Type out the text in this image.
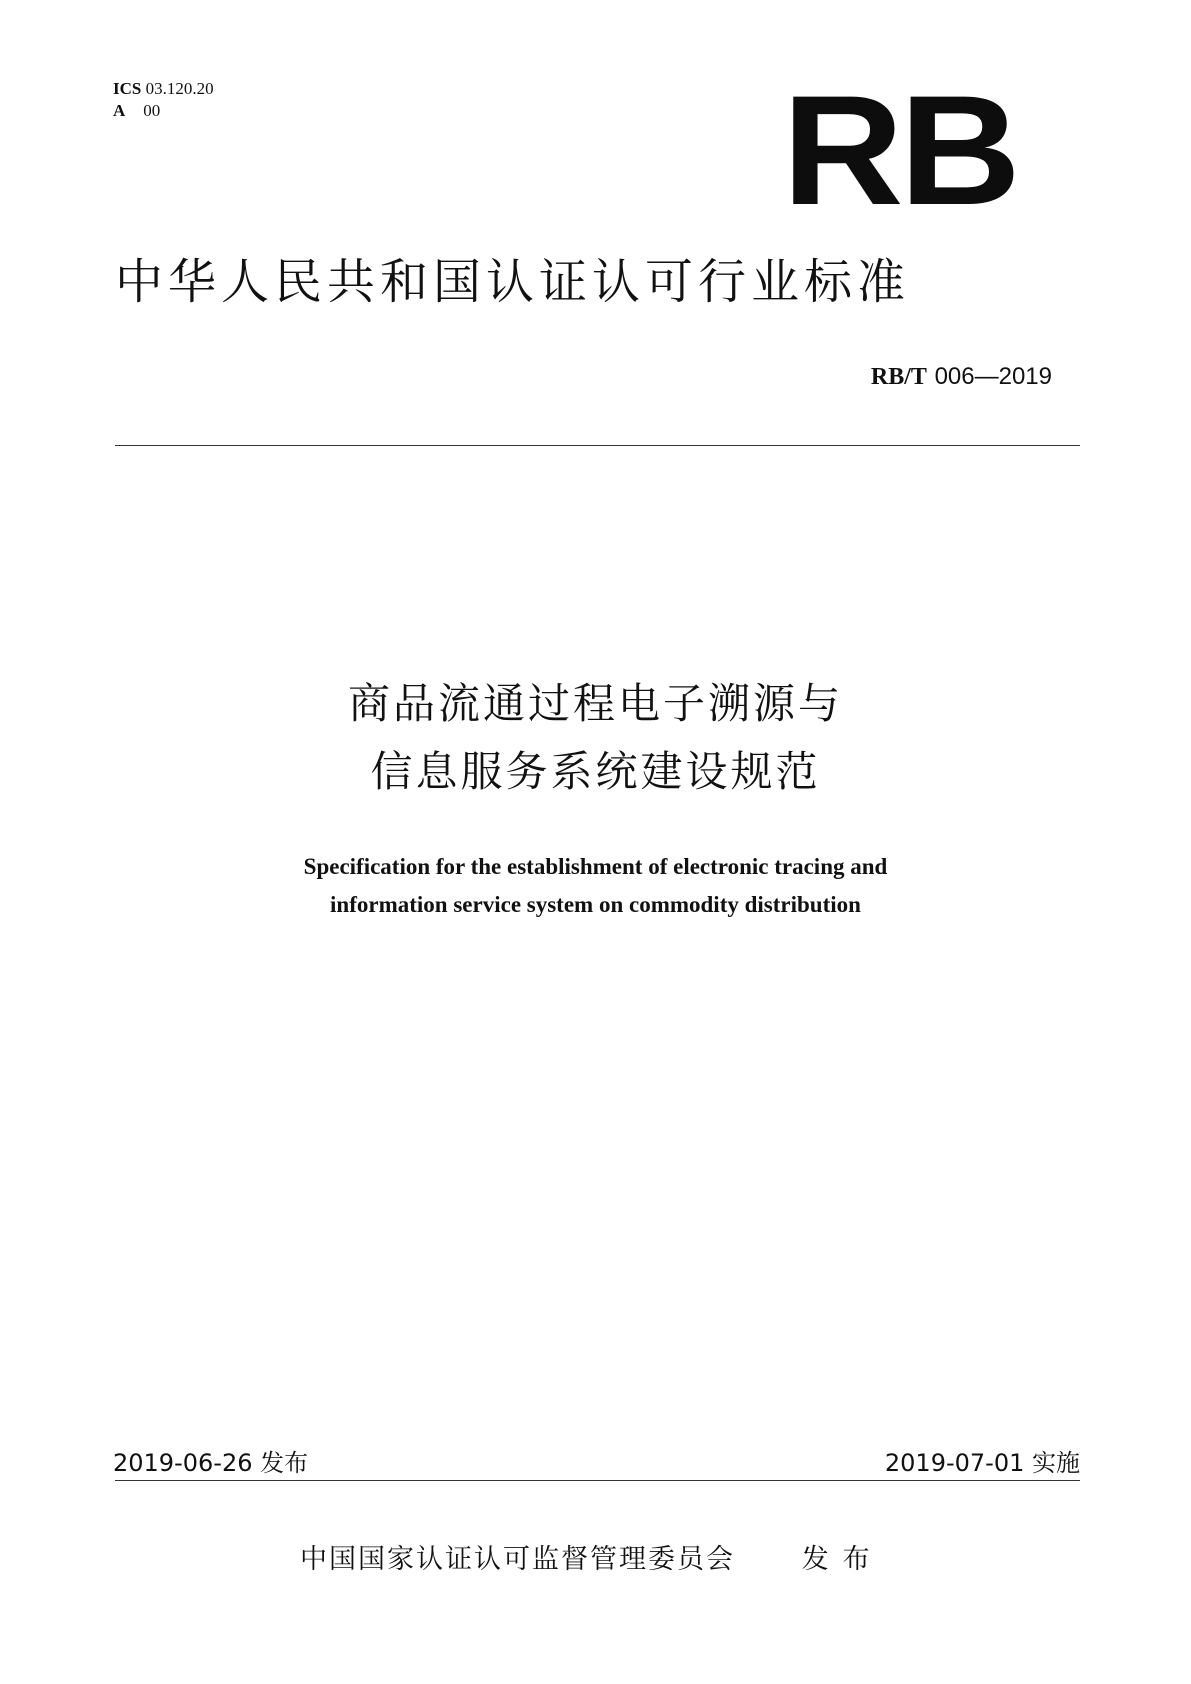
ICS 03.120.20
A 00	RB
中华人民共和国认证认可行业标准
RB/T 006—2019
商品流通过程电子溯源与
信息服务系统建设规范
Specification for the establishment of electronic tracing and
information service system on commodity distribution
2019-06-26 发布	2019-07-01 实施
中国国家认证认可监督管理委员会 发布
